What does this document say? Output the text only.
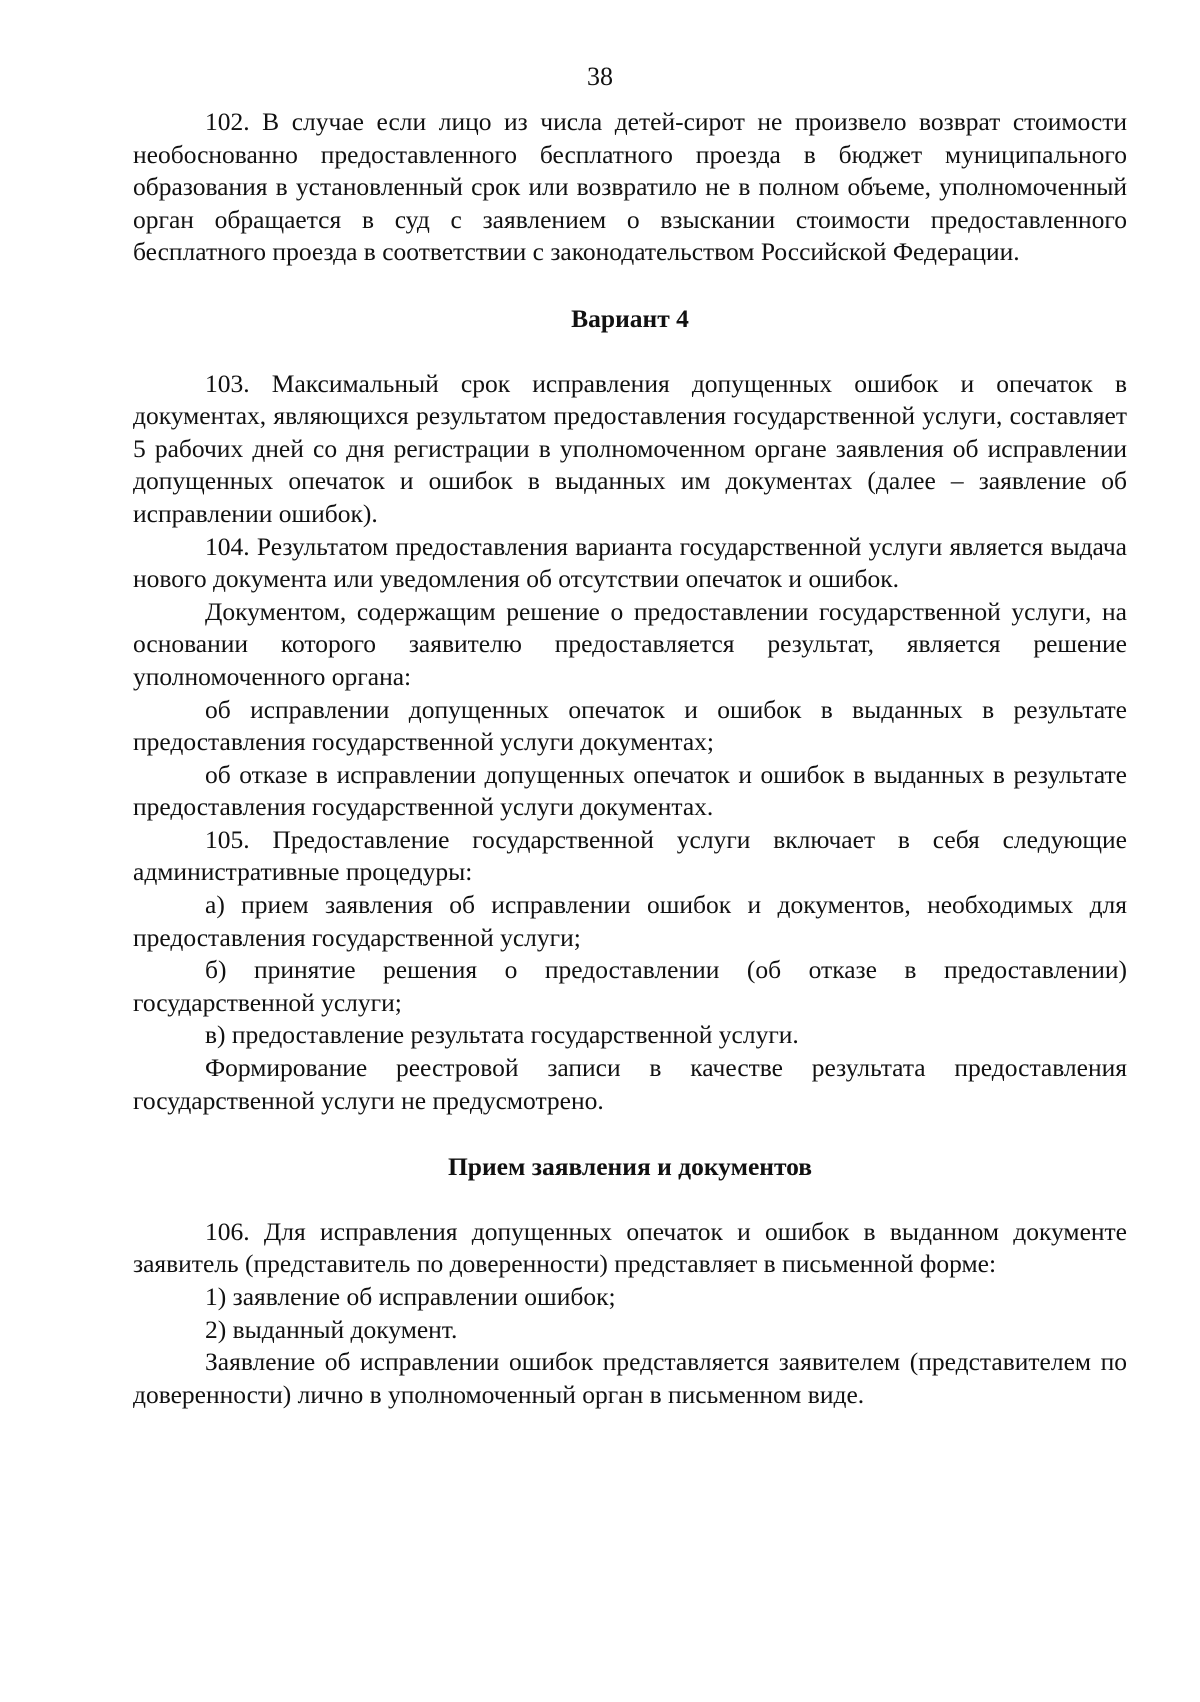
38

102. В случае если лицо из числа детей-сирот не произвело возврат стоимости необоснованно предоставленного бесплатного проезда в бюджет муниципального образования в установленный срок или возвратило не в полном объеме, уполномоченный орган обращается в суд с заявлением о взыскании стоимости предоставленного бесплатного проезда в соответствии с законодательством Российской Федерации.

Вариант 4

103. Максимальный срок исправления допущенных ошибок и опечаток в документах, являющихся результатом предоставления государственной услуги, составляет 5 рабочих дней со дня регистрации в уполномоченном органе заявления об исправлении допущенных опечаток и ошибок в выданных им документах (далее – заявление об исправлении ошибок).

104. Результатом предоставления варианта государственной услуги является выдача нового документа или уведомления об отсутствии опечаток и ошибок.

Документом, содержащим решение о предоставлении государственной услуги, на основании которого заявителю предоставляется результат, является решение уполномоченного органа:

об исправлении допущенных опечаток и ошибок в выданных в результате предоставления государственной услуги документах;

об отказе в исправлении допущенных опечаток и ошибок в выданных в результате предоставления государственной услуги документах.

105. Предоставление государственной услуги включает в себя следующие административные процедуры:

а) прием заявления об исправлении ошибок и документов, необходимых для предоставления государственной услуги;

б) принятие решения о предоставлении (об отказе в предоставлении) государственной услуги;

в) предоставление результата государственной услуги.

Формирование реестровой записи в качестве результата предоставления государственной услуги не предусмотрено.

Прием заявления и документов

106. Для исправления допущенных опечаток и ошибок в выданном документе заявитель (представитель по доверенности) представляет в письменной форме:

1) заявление об исправлении ошибок;

2) выданный документ.

Заявление об исправлении ошибок представляется заявителем (представителем по доверенности) лично в уполномоченный орган в письменном виде.
